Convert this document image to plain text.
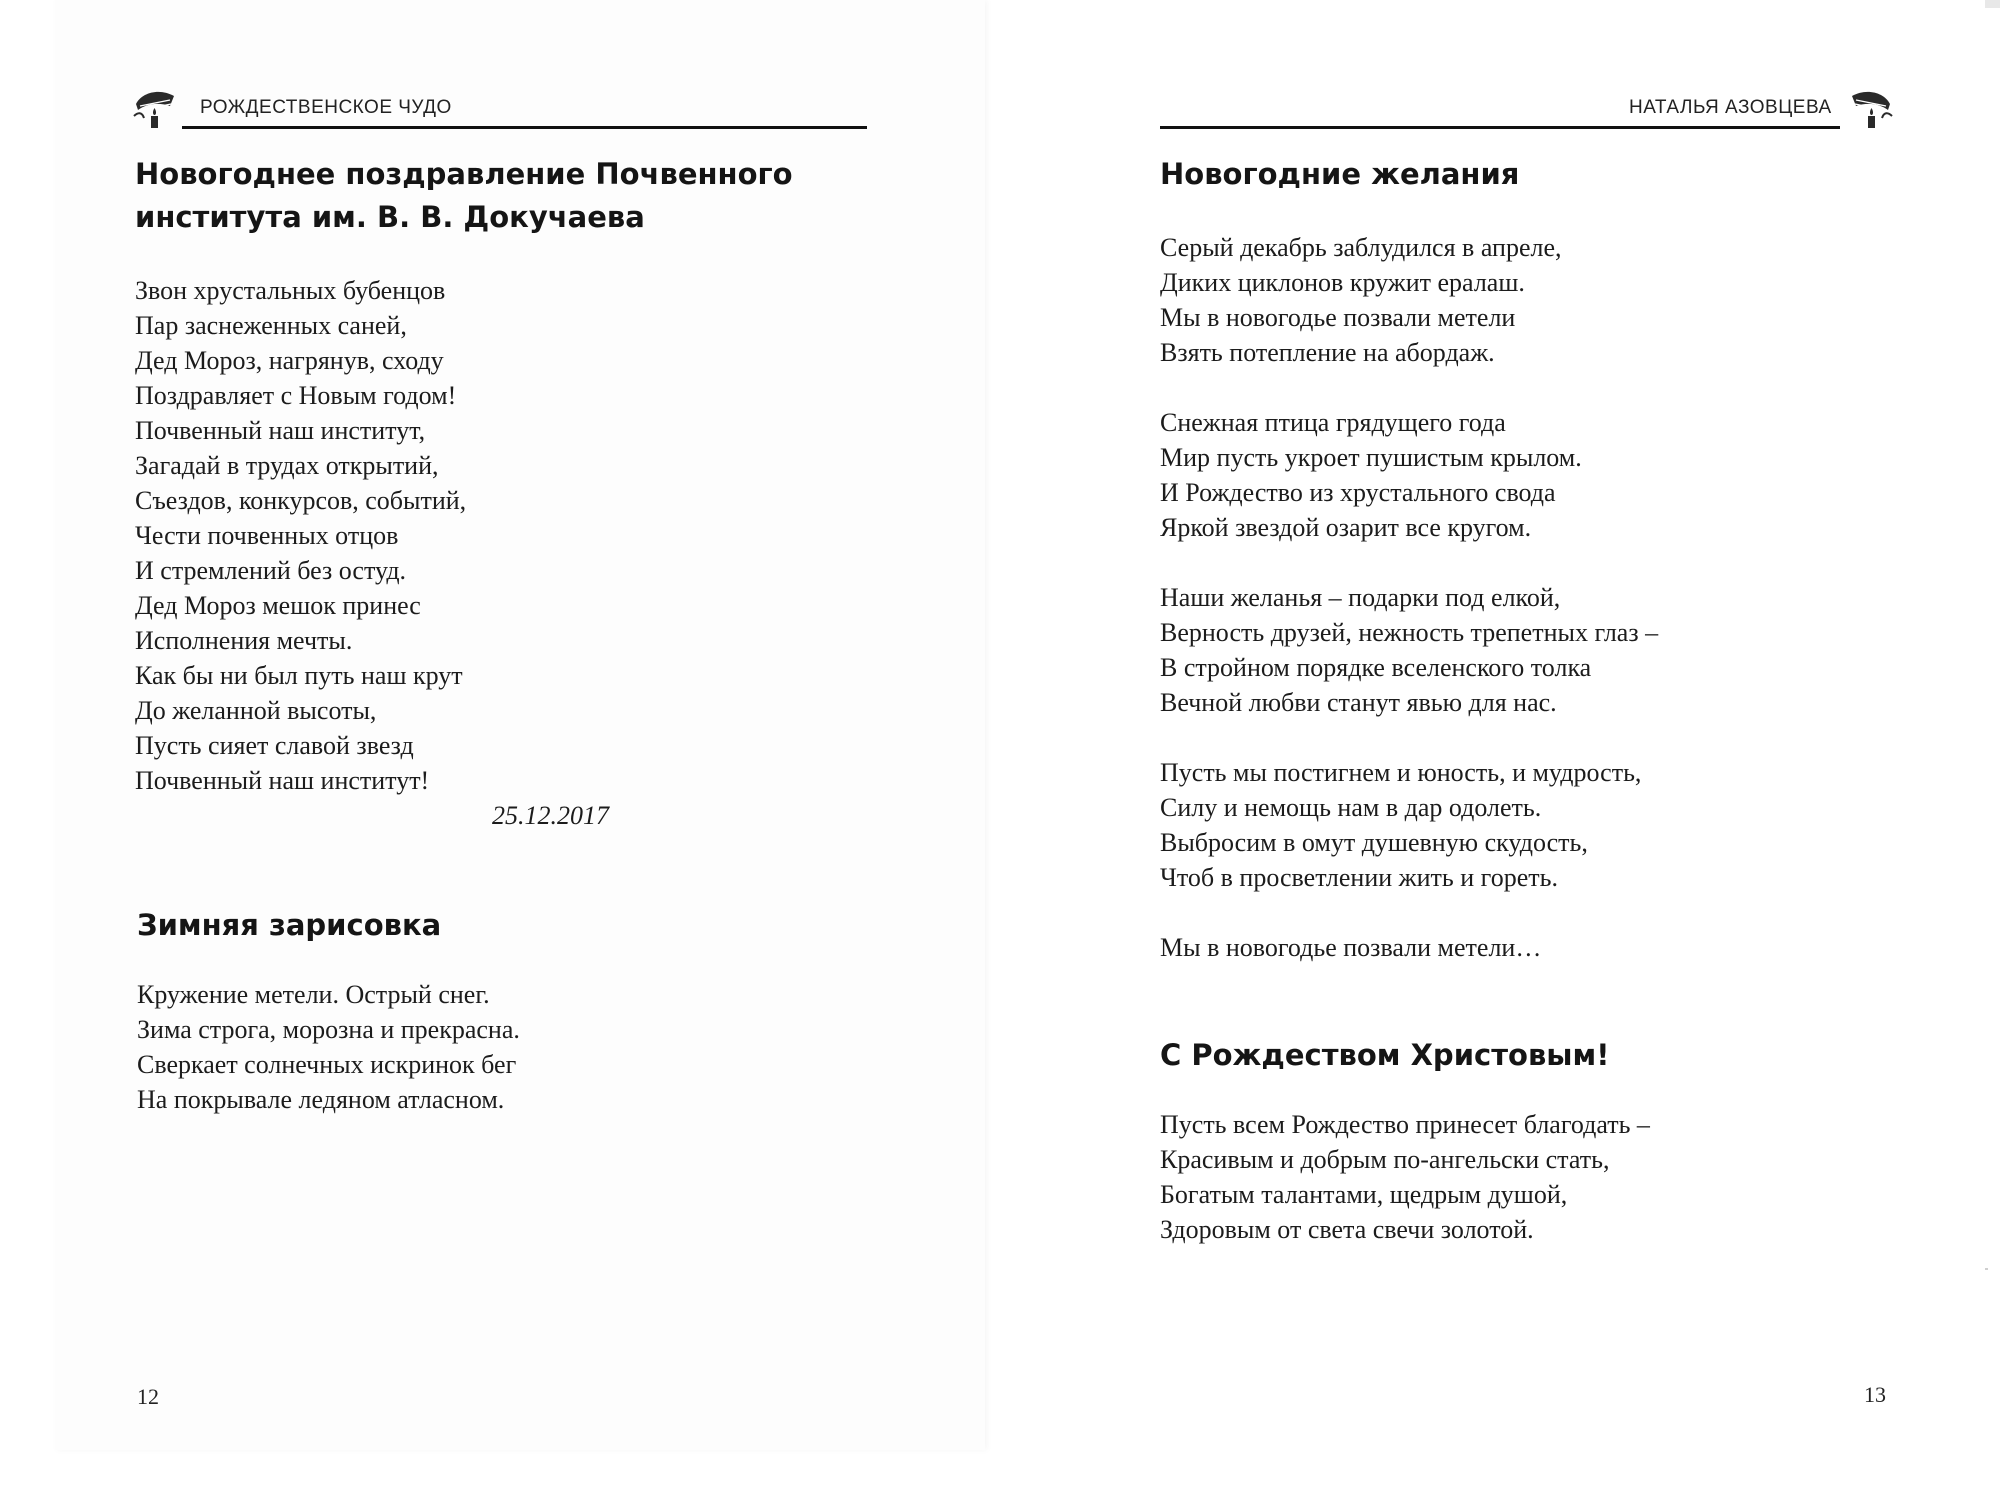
РОЖДЕСТВЕНСКОЕ ЧУДО
Новогоднее поздравление Почвенного
института им. В. В. Докучаева
Звон хрустальных бубенцов
Пар заснеженных саней,
Дед Мороз, нагрянув, сходу
Поздравляет с Новым годом!
Почвенный наш институт,
Загадай в трудах открытий,
Съездов, конкурсов, событий,
Чести почвенных отцов
И стремлений без остуд.
Дед Мороз мешок принес
Исполнения мечты.
Как бы ни был путь наш крут
До желанной высоты,
Пусть сияет славой звезд
Почвенный наш институт!
25.12.2017
Зимняя зарисовка
Кружение метели. Острый снег.
Зима строга, морозна и прекрасна.
Сверкает солнечных искринок бег
На покрывале ледяном атласном.
12
НАТАЛЬЯ АЗОВЦЕВА
Новогодние желания
Серый декабрь заблудился в апреле,
Диких циклонов кружит ералаш.
Мы в новогодье позвали метели
Взять потепление на абордаж.
Снежная птица грядущего года
Мир пусть укроет пушистым крылом.
И Рождество из хрустального свода
Яркой звездой озарит все кругом.
Наши желанья – подарки под елкой,
Верность друзей, нежность трепетных глаз –
В стройном порядке вселенского толка
Вечной любви станут явью для нас.
Пусть мы постигнем и юность, и мудрость,
Силу и немощь нам в дар одолеть.
Выбросим в омут душевную скудость,
Чтоб в просветлении жить и гореть.
Мы в новогодье позвали метели…
С Рождеством Христовым!
Пусть всем Рождество принесет благодать –
Красивым и добрым по-ангельски стать,
Богатым талантами, щедрым душой,
Здоровым от света свечи золотой.
13
